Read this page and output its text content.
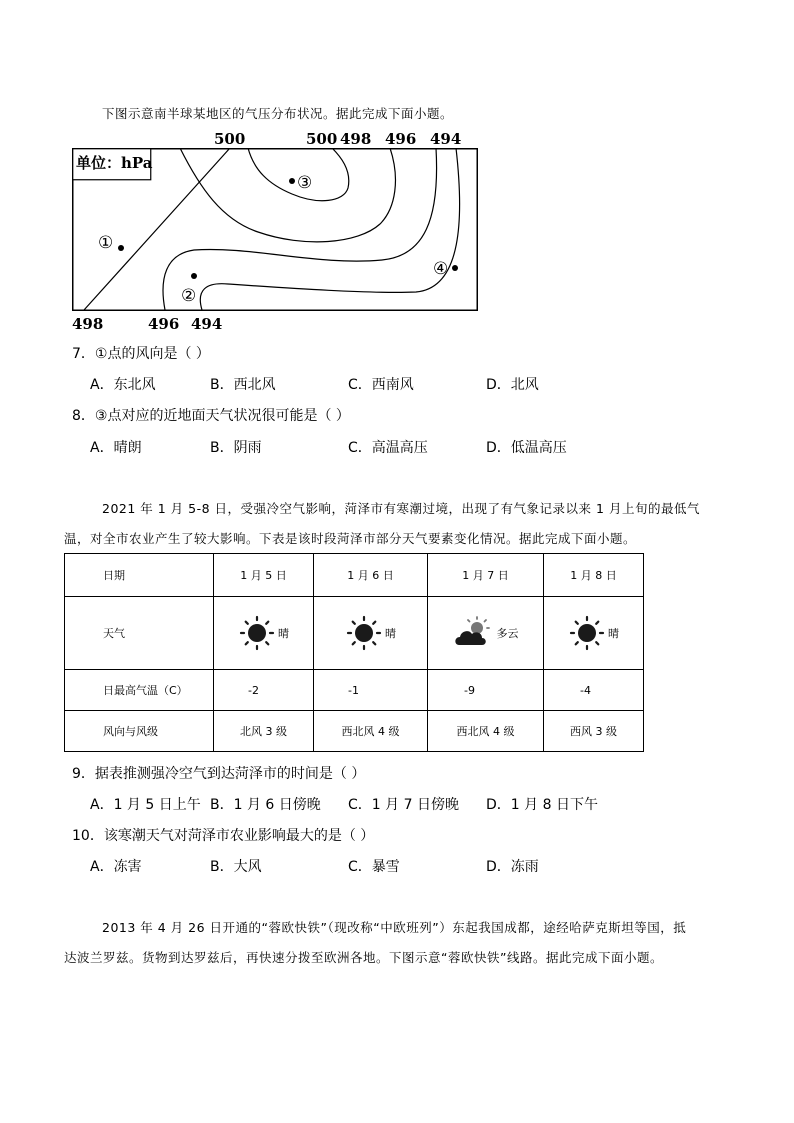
下图示意南半球某地区的气压分布状况。据此完成下面小题。
500	500 498 496 494
单位：hPa
①
②
③
④
498	496 494
7．①点的风向是（ ）
A．东北风	B．西北风	C．西南风	D．北风
8．③点对应的近地面天气状况很可能是（ ）
A．晴朗	B．阴雨	C．高温高压	D．低温高压
2021 年 1 月 5-8 日，受强冷空气影响，菏泽市有寒潮过境，出现了有气象记录以来 1 月上旬的最低气
温，对全市农业产生了较大影响。下表是该时段菏泽市部分天气要素变化情况。据此完成下面小题。
日期	1 月 5 日	1 月 6 日	1 月 7 日	1 月 8 日

天气	晴	晴	多云	晴

日最高气温（C）	-2	-1	-9	-4

风向与风级	北风 3 级	西北风 4 级	西北风 4 级	西风 3 级
9．据表推测强冷空气到达菏泽市的时间是（ ）
A．1 月 5 日上午 B．1 月 6 日傍晚 C．1 月 7 日傍晚 D．1 月 8 日下午
10．该寒潮天气对菏泽市农业影响最大的是（ ）
A．冻害	B．大风	C．暴雪	D．冻雨
2013 年 4 月 26 日开通的“蓉欧快铁”（现改称“中欧班列”）东起我国成都，途经哈萨克斯坦等国，抵
达波兰罗兹。货物到达罗兹后，再快速分拨至欧洲各地。下图示意“蓉欧快铁”线路。据此完成下面小题。
